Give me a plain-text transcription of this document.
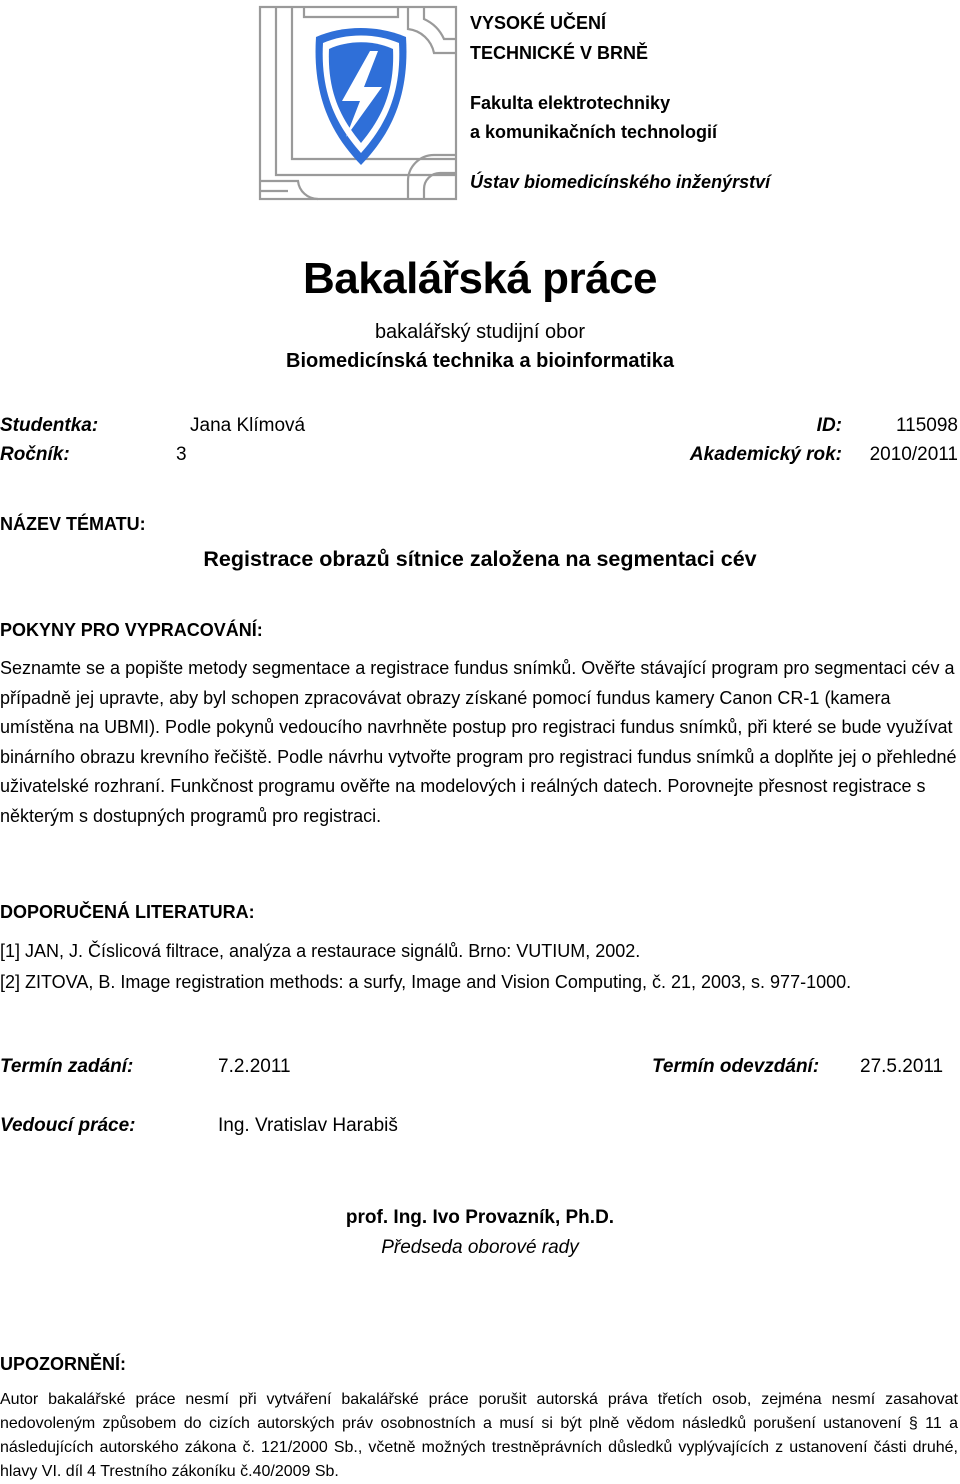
VYSOKÉ UČENÍ
TECHNICKÉ V BRNĚ
Fakulta elektrotechniky
a komunikačních technologií
Ústav biomedicínského inženýrství
Bakalářská práce
bakalářský studijní obor
Biomedicínská technika a bioinformatika
Studentka:	Jana Klímová	ID:	115098
Ročník:	3	Akademický rok:	2010/2011
NÁZEV TÉMATU:
Registrace obrazů sítnice založena na segmentaci cév
POKYNY PRO VYPRACOVÁNÍ:
Seznamte se a popište metody segmentace a registrace fundus snímků. Ověřte stávající program pro segmentaci cév a případně jej upravte, aby byl schopen zpracovávat obrazy získané pomocí fundus kamery Canon CR-1 (kamera umístěna na UBMI). Podle pokynů vedoucího navrhněte postup pro registraci fundus snímků, při které se bude využívat binárního obrazu krevního řečiště. Podle návrhu vytvořte program pro registraci fundus snímků a doplňte jej o přehledné uživatelské rozhraní. Funkčnost programu ověřte na modelových i reálných datech. Porovnejte přesnost registrace s některým s dostupných programů pro registraci.
DOPORUČENÁ LITERATURA:
[1] JAN, J. Číslicová filtrace, analýza a restaurace signálů. Brno: VUTIUM, 2002.
[2] ZITOVA, B. Image registration methods: a surfy, Image and Vision Computing, č. 21, 2003, s. 977-1000.
Termín zadání:	7.2.2011	Termín odevzdání: 27.5.2011
Vedoucí práce:	Ing. Vratislav Harabiš
prof. Ing. Ivo Provazník, Ph.D.
Předseda oborové rady
UPOZORNĚNÍ:
Autor bakalářské práce nesmí při vytváření bakalářské práce porušit autorská práva třetích osob, zejména nesmí zasahovat nedovoleným způsobem do cizích autorských práv osobnostních a musí si být plně vědom následků porušení ustanovení § 11 a následujících autorského zákona č. 121/2000 Sb., včetně možných trestněprávních důsledků vyplývajících z ustanovení části druhé, hlavy VI. díl 4 Trestního zákoníku č.40/2009 Sb.
